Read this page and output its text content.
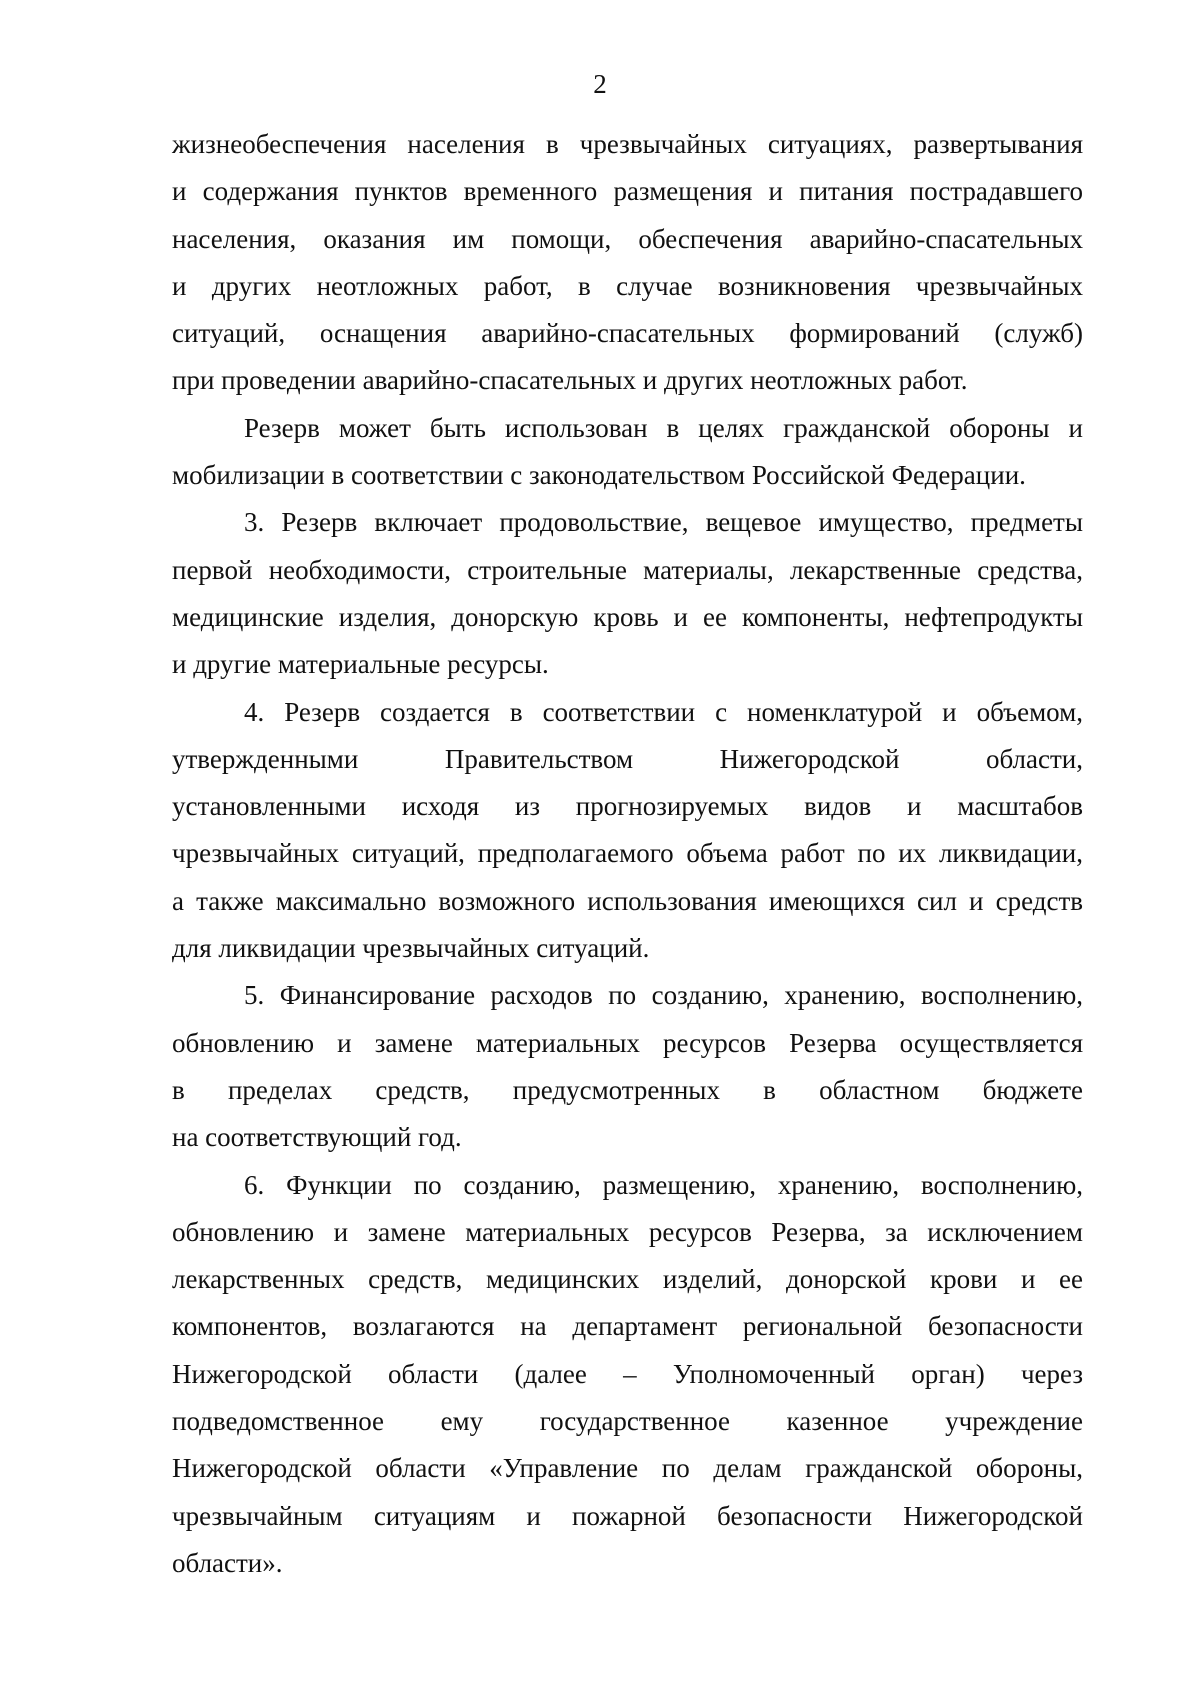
2
жизнеобеспечения населения в чрезвычайных ситуациях, развертывания
и содержания пунктов временного размещения и питания пострадавшего
населения, оказания им помощи, обеспечения аварийно-спасательных
и других неотложных работ, в случае возникновения чрезвычайных
ситуаций, оснащения аварийно-спасательных формирований (служб)
при проведении аварийно-спасательных и других неотложных работ.
Резерв может быть использован в целях гражданской обороны и
мобилизации в соответствии с законодательством Российской Федерации.
3. Резерв включает продовольствие, вещевое имущество, предметы
первой необходимости, строительные материалы, лекарственные средства,
медицинские изделия, донорскую кровь и ее компоненты, нефтепродукты
и другие материальные ресурсы.
4. Резерв создается в соответствии с номенклатурой и объемом,
утвержденными Правительством Нижегородской области,
установленными исходя из прогнозируемых видов и масштабов
чрезвычайных ситуаций, предполагаемого объема работ по их ликвидации,
а также максимально возможного использования имеющихся сил и средств
для ликвидации чрезвычайных ситуаций.
5. Финансирование расходов по созданию, хранению, восполнению,
обновлению и замене материальных ресурсов Резерва осуществляется
в пределах средств, предусмотренных в областном бюджете
на соответствующий год.
6. Функции по созданию, размещению, хранению, восполнению,
обновлению и замене материальных ресурсов Резерва, за исключением
лекарственных средств, медицинских изделий, донорской крови и ее
компонентов, возлагаются на департамент региональной безопасности
Нижегородской области (далее – Уполномоченный орган) через
подведомственное ему государственное казенное учреждение
Нижегородской области «Управление по делам гражданской обороны,
чрезвычайным ситуациям и пожарной безопасности Нижегородской
области».
